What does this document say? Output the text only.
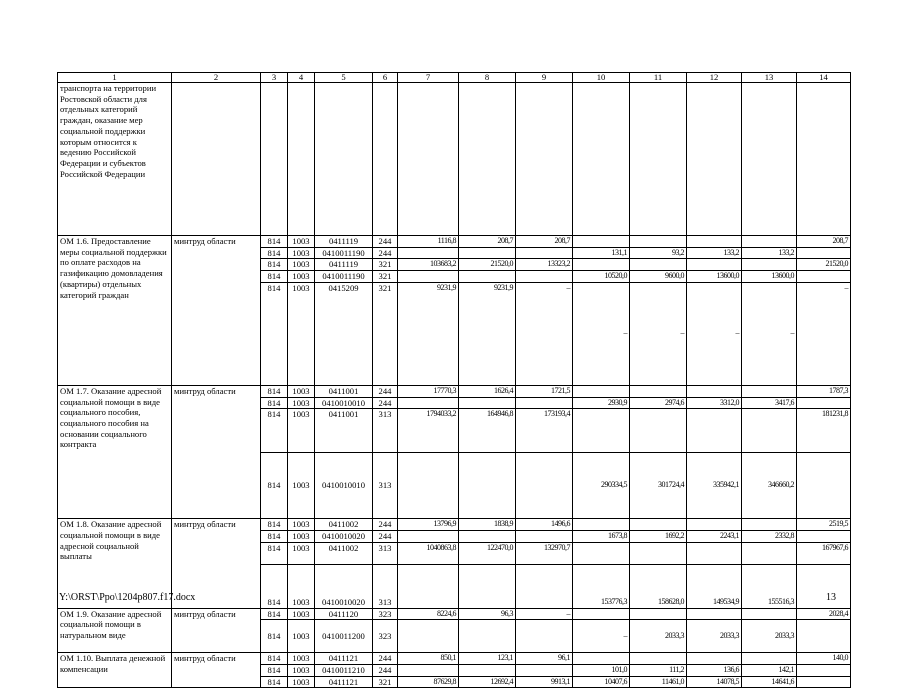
1	2	3	4	5	6	7	8	9	10	11	12	13	14
транспорта на территории Ростовской области для отдельных категорий граждан, оказание мер социальной поддержки которым относится к ведению Российской Федерации и субъектов Российской Федерации													
ОМ 1.6. Предоставление меры социальной поддержки по оплате расходов на газификацию домовладения (квартиры) отдельных категорий граждан	минтруд области	814	1003	0411119	244	1116,8	208,7	208,7					208,7
		814	1003	0410011190	244				131,1	93,2	133,2	133,2	
		814	1003	0411119	321	103683,2	21520,0	13323,2					21520,0
		814	1003	0410011190	321				10520,0	9600,0	13600,0	13600,0	
		814	1003	0415209	321	9231,9	9231,9	–	–	–	–	–	–
ОМ 1.7. Оказание адресной социальной помощи в виде социального пособия, социального пособия на основании социального контракта	минтруд области	814	1003	0411001	244	17770,3	1626,4	1721,5					1787,3
		814	1003	0410010010	244				2930,9	2974,6	3312,0	3417,6	
		814	1003	0411001	313	1794033,2	164946,8	173193,4					181231,8
		814	1003	0410010010	313				290334,5	301724,4	335942,1	346660,2	
ОМ 1.8. Оказание адресной социальной помощи в виде адресной социальной выплаты	минтруд области	814	1003	0411002	244	13796,9	1838,9	1496,6					2519,5
		814	1003	0410010020	244				1673,8	1692,2	2243,1	2332,8	
		814	1003	0411002	313	1040863,8	122470,0	132970,7					167967,6
		814	1003	0410010020	313				153776,3	158628,0	149534,9	155516,3	
ОМ 1.9. Оказание адресной социальной помощи в натуральном виде	минтруд области	814	1003	0411120	323	8224,6	96,3	–					2028,4
		814	1003	0410011200	323				–	2033,3	2033,3	2033,3	
ОМ 1.10. Выплата денежной компенсации	минтруд области	814	1003	0411121	244	850,1	123,1	96,1					140,0
		814	1003	0410011210	244				101,0	111,2	136,6	142,1	
		814	1003	0411121	321	87629,8	12692,4	9913,1	10407,6	11461,0	14078,5	14641,6	
Y:\ORST\Ppo\1204p807.f17.docx	13
